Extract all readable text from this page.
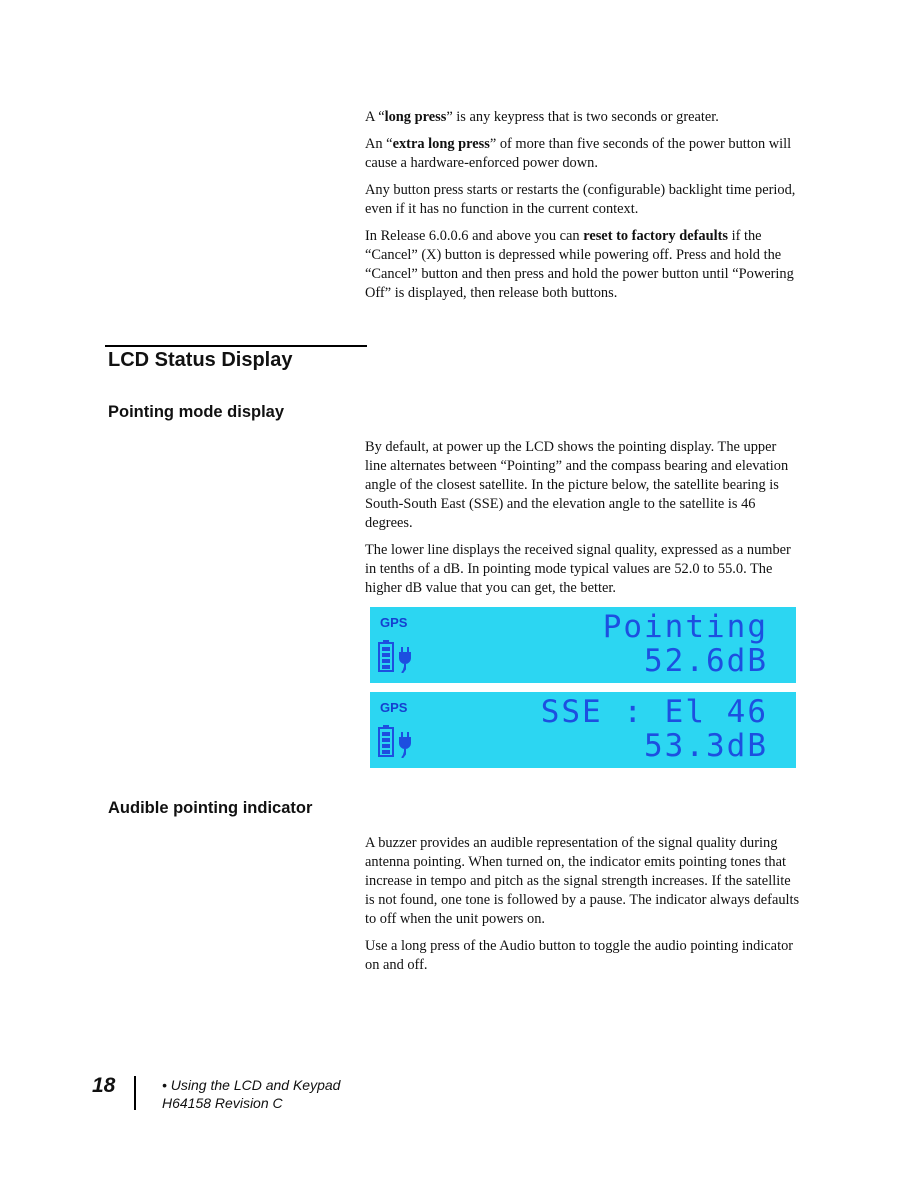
A “long press” is any keypress that is two seconds or greater.

An “extra long press” of more than five seconds of the power button will cause a hardware-enforced power down.

Any button press starts or restarts the (configurable) backlight time period, even if it has no function in the current context.

In Release 6.0.0.6 and above you can reset to factory defaults if the “Cancel” (X) button is depressed while powering off. Press and hold the “Cancel” button and then press and hold the power button until “Powering Off” is displayed, then release both buttons.

LCD Status Display
Pointing mode display

By default, at power up the LCD shows the pointing display. The upper line alternates between “Pointing” and the compass bearing and elevation angle of the closest satellite. In the picture below, the satellite bearing is South-South East (SSE) and the elevation angle to the satellite is 46 degrees.

The lower line displays the received signal quality, expressed as a number in tenths of a dB. In pointing mode typical values are 52.0 to 55.0. The higher dB value that you can get, the better.

GPS	Pointing
52.6dB
GPS	SSE : El 46
53.3dB
Audible pointing indicator

A buzzer provides an audible representation of the signal quality during antenna pointing. When turned on, the indicator emits pointing tones that increase in tempo and pitch as the signal strength increases. If the satellite is not found, one tone is followed by a pause. The indicator always defaults to off when the unit powers on.

Use a long press of the Audio button to toggle the audio pointing indicator on and off.

18	• Using the LCD and Keypad
H64158 Revision C
